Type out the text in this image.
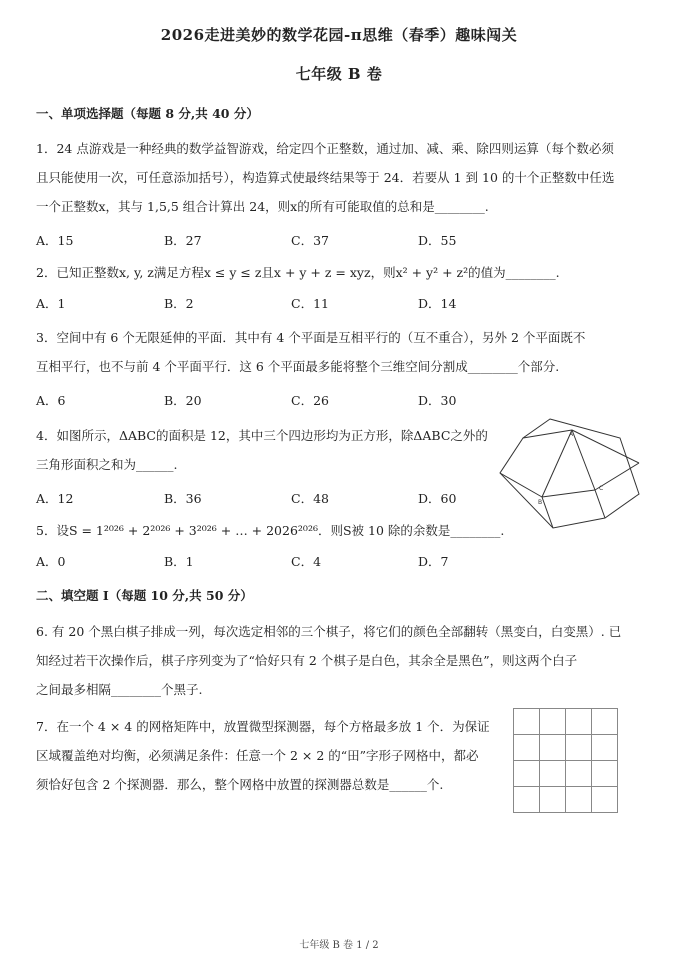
2026走进美妙的数学花园-π思维（春季）趣味闯关
七年级 B 卷
一、单项选择题（每题 8 分,共 40 分）
1．24 点游戏是一种经典的数学益智游戏，给定四个正整数，通过加、减、乘、除四则运算（每个数必须
且只能使用一次，可任意添加括号），构造算式使最终结果等于 24．若要从 1 到 10 的十个正整数中任选
一个正整数x，其与 1,5,5 组合计算出 24，则x的所有可能取值的总和是________.
A．15	B．27	C．37	D．55
2．已知正整数x, y, z满足方程x ≤ y ≤ z且x + y + z = xyz，则x² + y² + z²的值为________.
A．1	B．2	C．11	D．14
3．空间中有 6 个无限延伸的平面．其中有 4 个平面是互相平行的（互不重合），另外 2 个平面既不
互相平行，也不与前 4 个平面平行．这 6 个平面最多能将整个三维空间分割成________个部分.
A．6	B．20	C．26	D．30
4．如图所示，ΔABC的面积是 12，其中三个四边形均为正方形，除ΔABC之外的
三角形面积之和为______.
A．12	B．36	C．48	D．60
A
B
C
5．设S = 1²⁰²⁶ + 2²⁰²⁶ + 3²⁰²⁶ + … + 2026²⁰²⁶．则S被 10 除的余数是________.
A．0	B．1	C．4	D．7
二、填空题 I（每题 10 分,共 50 分）
6. 有 20 个黑白棋子排成一列，每次选定相邻的三个棋子，将它们的颜色全部翻转（黑变白，白变黑）. 已
知经过若干次操作后，棋子序列变为了“恰好只有 2 个棋子是白色，其余全是黑色”，则这两个白子
之间最多相隔________个黑子.
7．在一个 4 × 4 的网格矩阵中，放置微型探测器，每个方格最多放 1 个．为保证
区域覆盖绝对均衡，必须满足条件：任意一个 2 × 2 的“田”字形子网格中，都必
须恰好包含 2 个探测器．那么，整个网格中放置的探测器总数是______个.
七年级 B 卷 1 / 2
